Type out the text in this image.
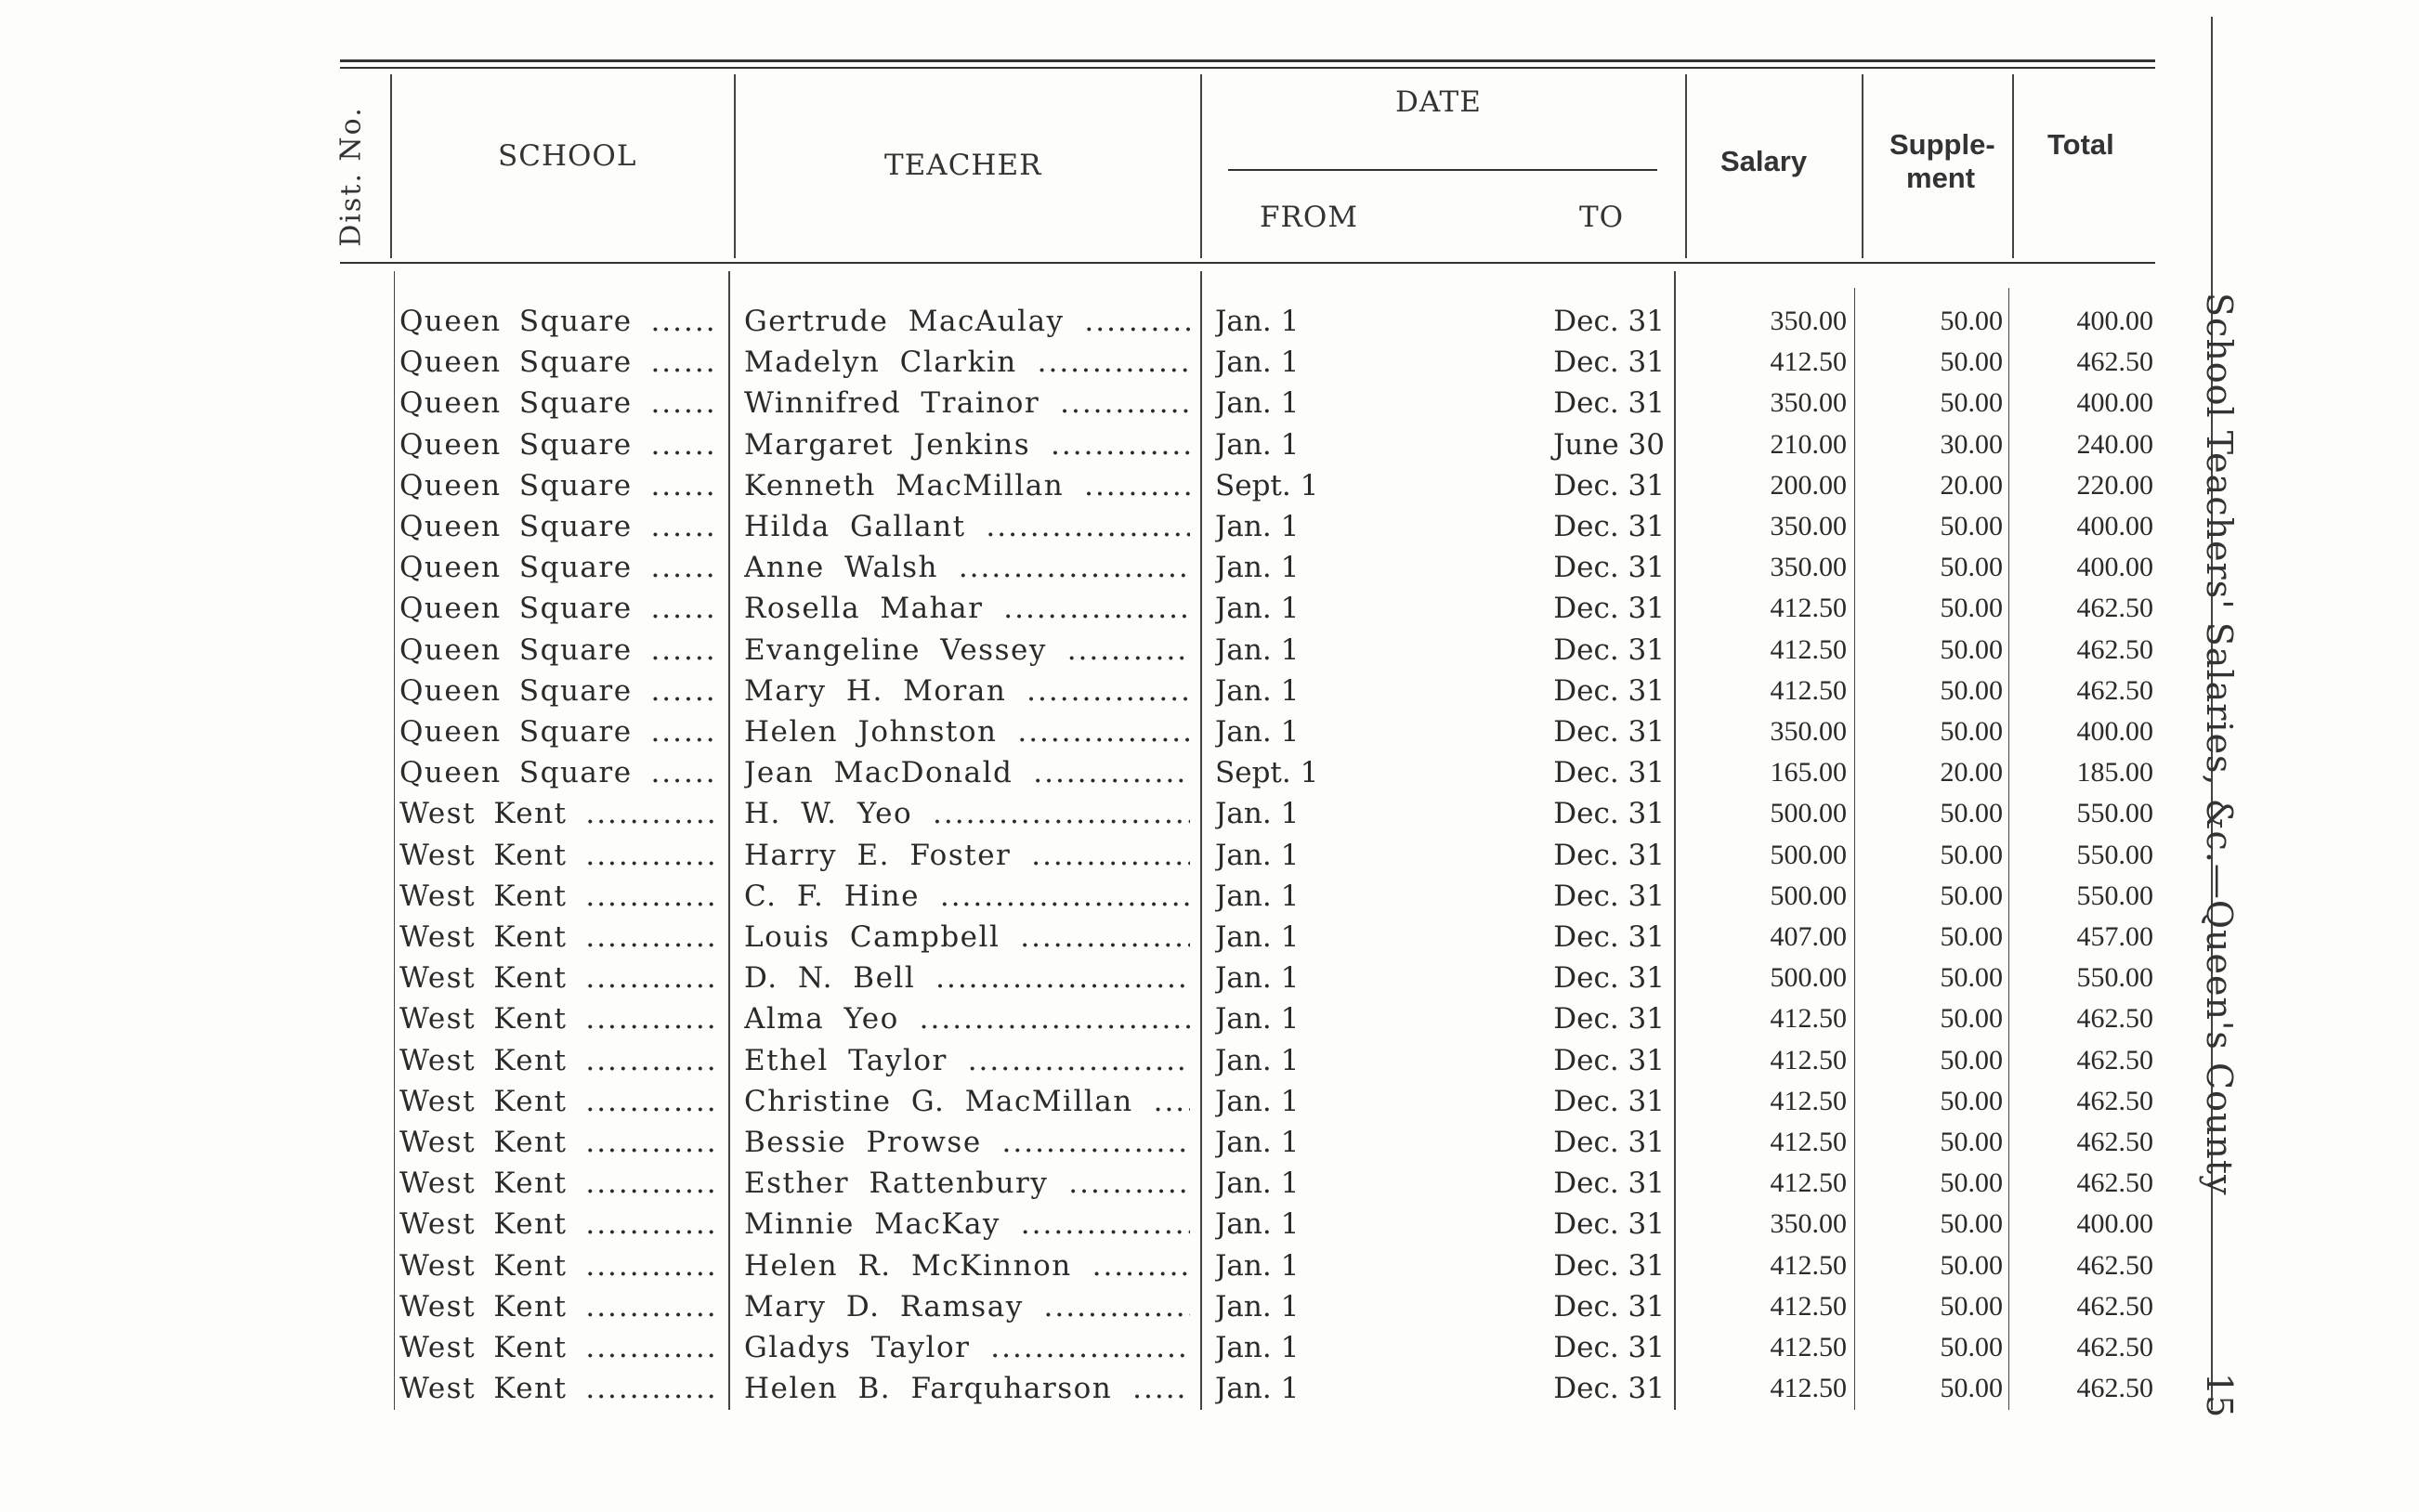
Dist. No.	SCHOOL	TEACHER
DATE
FROM	TO
Salary
Supple-
ment
Total
Queen Square .....	Gertrude MacAulay .....	Jan. 1	Dec. 31	350.00	50.00	400.00
Queen Square .....	Madelyn Clarkin .....	Jan. 1	Dec. 31	412.50	50.00	462.50
Queen Square .....	Winnifred Trainor .....	Jan. 1	Dec. 31	350.00	50.00	400.00
Queen Square .....	Margaret Jenkins .....	Jan. 1	June 30	210.00	30.00	240.00
Queen Square .....	Kenneth MacMillan .....	Sept. 1	Dec. 31	200.00	20.00	220.00
Queen Square .....	Hilda Gallant .....	Jan. 1	Dec. 31	350.00	50.00	400.00
Queen Square .....	Anne Walsh .....	Jan. 1	Dec. 31	350.00	50.00	400.00
Queen Square .....	Rosella Mahar .....	Jan. 1	Dec. 31	412.50	50.00	462.50
Queen Square .....	Evangeline Vessey .....	Jan. 1	Dec. 31	412.50	50.00	462.50
Queen Square .....	Mary H. Moran .....	Jan. 1	Dec. 31	412.50	50.00	462.50
Queen Square .....	Helen Johnston .....	Jan. 1	Dec. 31	350.00	50.00	400.00
Queen Square .....	Jean MacDonald .....	Sept. 1	Dec. 31	165.00	20.00	185.00
West Kent .....	H. W. Yeo .....	Jan. 1	Dec. 31	500.00	50.00	550.00
West Kent .....	Harry E. Foster .....	Jan. 1	Dec. 31	500.00	50.00	550.00
West Kent .....	C. F. Hine .....	Jan. 1	Dec. 31	500.00	50.00	550.00
West Kent .....	Louis Campbell .....	Jan. 1	Dec. 31	407.00	50.00	457.00
West Kent .....	D. N. Bell .....	Jan. 1	Dec. 31	500.00	50.00	550.00
West Kent .....	Alma Yeo .....	Jan. 1	Dec. 31	412.50	50.00	462.50
West Kent .....	Ethel Taylor .....	Jan. 1	Dec. 31	412.50	50.00	462.50
West Kent .....	Christine G. MacMillan .....	Jan. 1	Dec. 31	412.50	50.00	462.50
West Kent .....	Bessie Prowse .....	Jan. 1	Dec. 31	412.50	50.00	462.50
West Kent .....	Esther Rattenbury .....	Jan. 1	Dec. 31	412.50	50.00	462.50
West Kent .....	Minnie MacKay .....	Jan. 1	Dec. 31	350.00	50.00	400.00
West Kent .....	Helen R. McKinnon .....	Jan. 1	Dec. 31	412.50	50.00	462.50
West Kent .....	Mary D. Ramsay .....	Jan. 1	Dec. 31	412.50	50.00	462.50
West Kent .....	Gladys Taylor .....	Jan. 1	Dec. 31	412.50	50.00	462.50
West Kent .....	Helen B. Farquharson .....	Jan. 1	Dec. 31	412.50	50.00	462.50
School Teachers' Salaries, &c.—Queen's County
15
